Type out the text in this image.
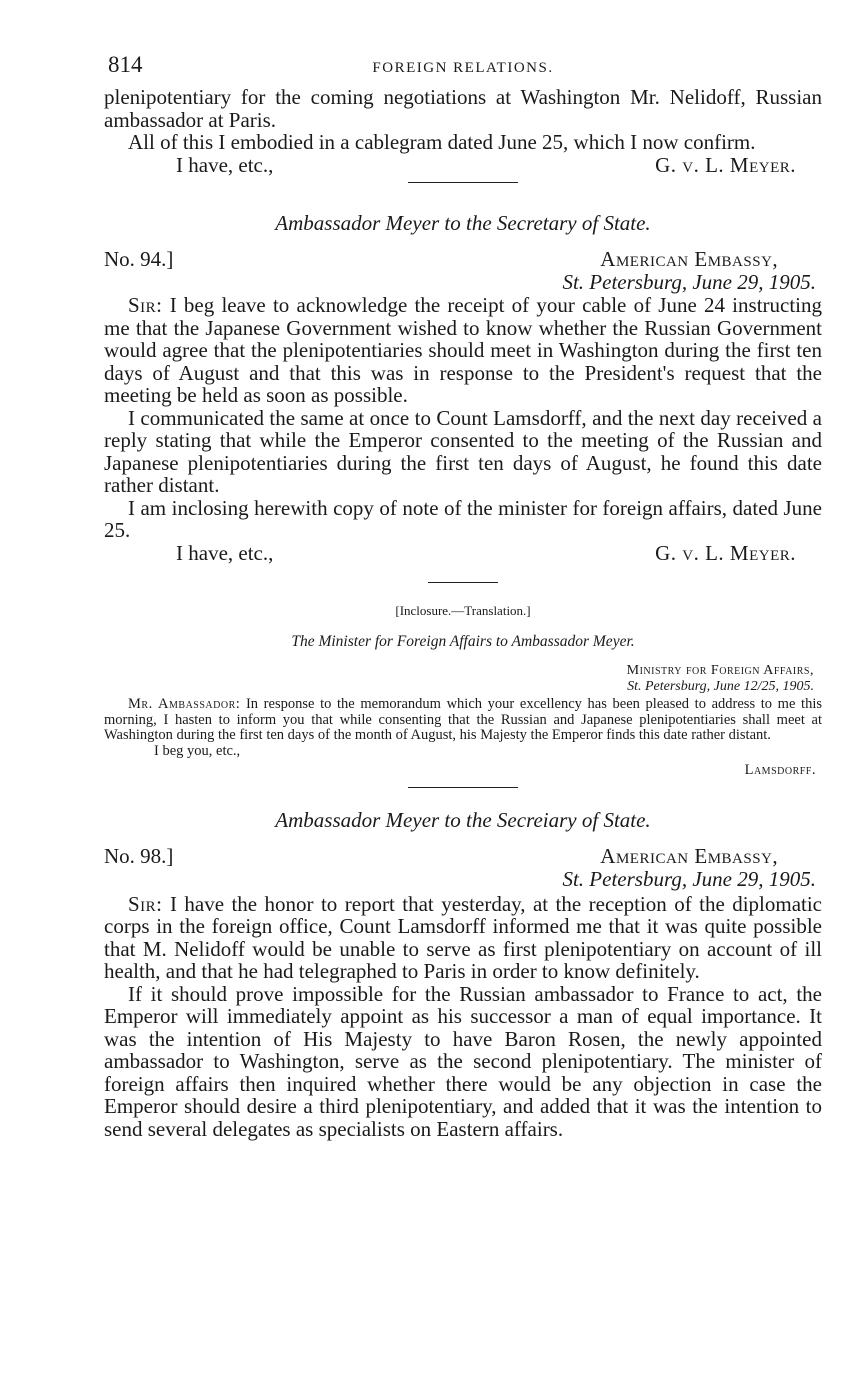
814	FOREIGN RELATIONS.

plenipotentiary for the coming negotiations at Washington Mr. Nelidoff, Russian ambassador at Paris.

All of this I embodied in a cablegram dated June 25, which I now confirm.

I have, etc.,	G. v. L. Meyer.
Ambassador Meyer to the Secretary of State.
No. 94.]	American Embassy,
St. Petersburg, June 29, 1905.

Sir: I beg leave to acknowledge the receipt of your cable of June 24 instructing me that the Japanese Government wished to know whether the Russian Government would agree that the plenipotentiaries should meet in Washington during the first ten days of August and that this was in response to the President's request that the meeting be held as soon as possible.

I communicated the same at once to Count Lamsdorff, and the next day received a reply stating that while the Emperor consented to the meeting of the Russian and Japanese plenipotentiaries during the first ten days of August, he found this date rather distant.

I am inclosing herewith copy of note of the minister for foreign affairs, dated June 25.

I have, etc.,	G. v. L. Meyer.
[Inclosure.—Translation.]
The Minister for Foreign Affairs to Ambassador Meyer.
Ministry for Foreign Affairs,
St. Petersburg, June 12/25, 1905.

Mr. Ambassador: In response to the memorandum which your excellency has been pleased to address to me this morning, I hasten to inform you that while consenting that the Russian and Japanese plenipotentiaries shall meet at Washington during the first ten days of the month of August, his Majesty the Emperor finds this date rather distant.

I beg you, etc.,

Lamsdorff.

Ambassador Meyer to the Secreiary of State.
No. 98.]	American Embassy,
St. Petersburg, June 29, 1905.

Sir: I have the honor to report that yesterday, at the reception of the diplomatic corps in the foreign office, Count Lamsdorff informed me that it was quite possible that M. Nelidoff would be unable to serve as first plenipotentiary on account of ill health, and that he had telegraphed to Paris in order to know definitely.

If it should prove impossible for the Russian ambassador to France to act, the Emperor will immediately appoint as his successor a man of equal importance. It was the intention of His Majesty to have Baron Rosen, the newly appointed ambassador to Washington, serve as the second plenipotentiary. The minister of foreign affairs then inquired whether there would be any objection in case the Emperor should desire a third plenipotentiary, and added that it was the intention to send several delegates as specialists on Eastern affairs.
